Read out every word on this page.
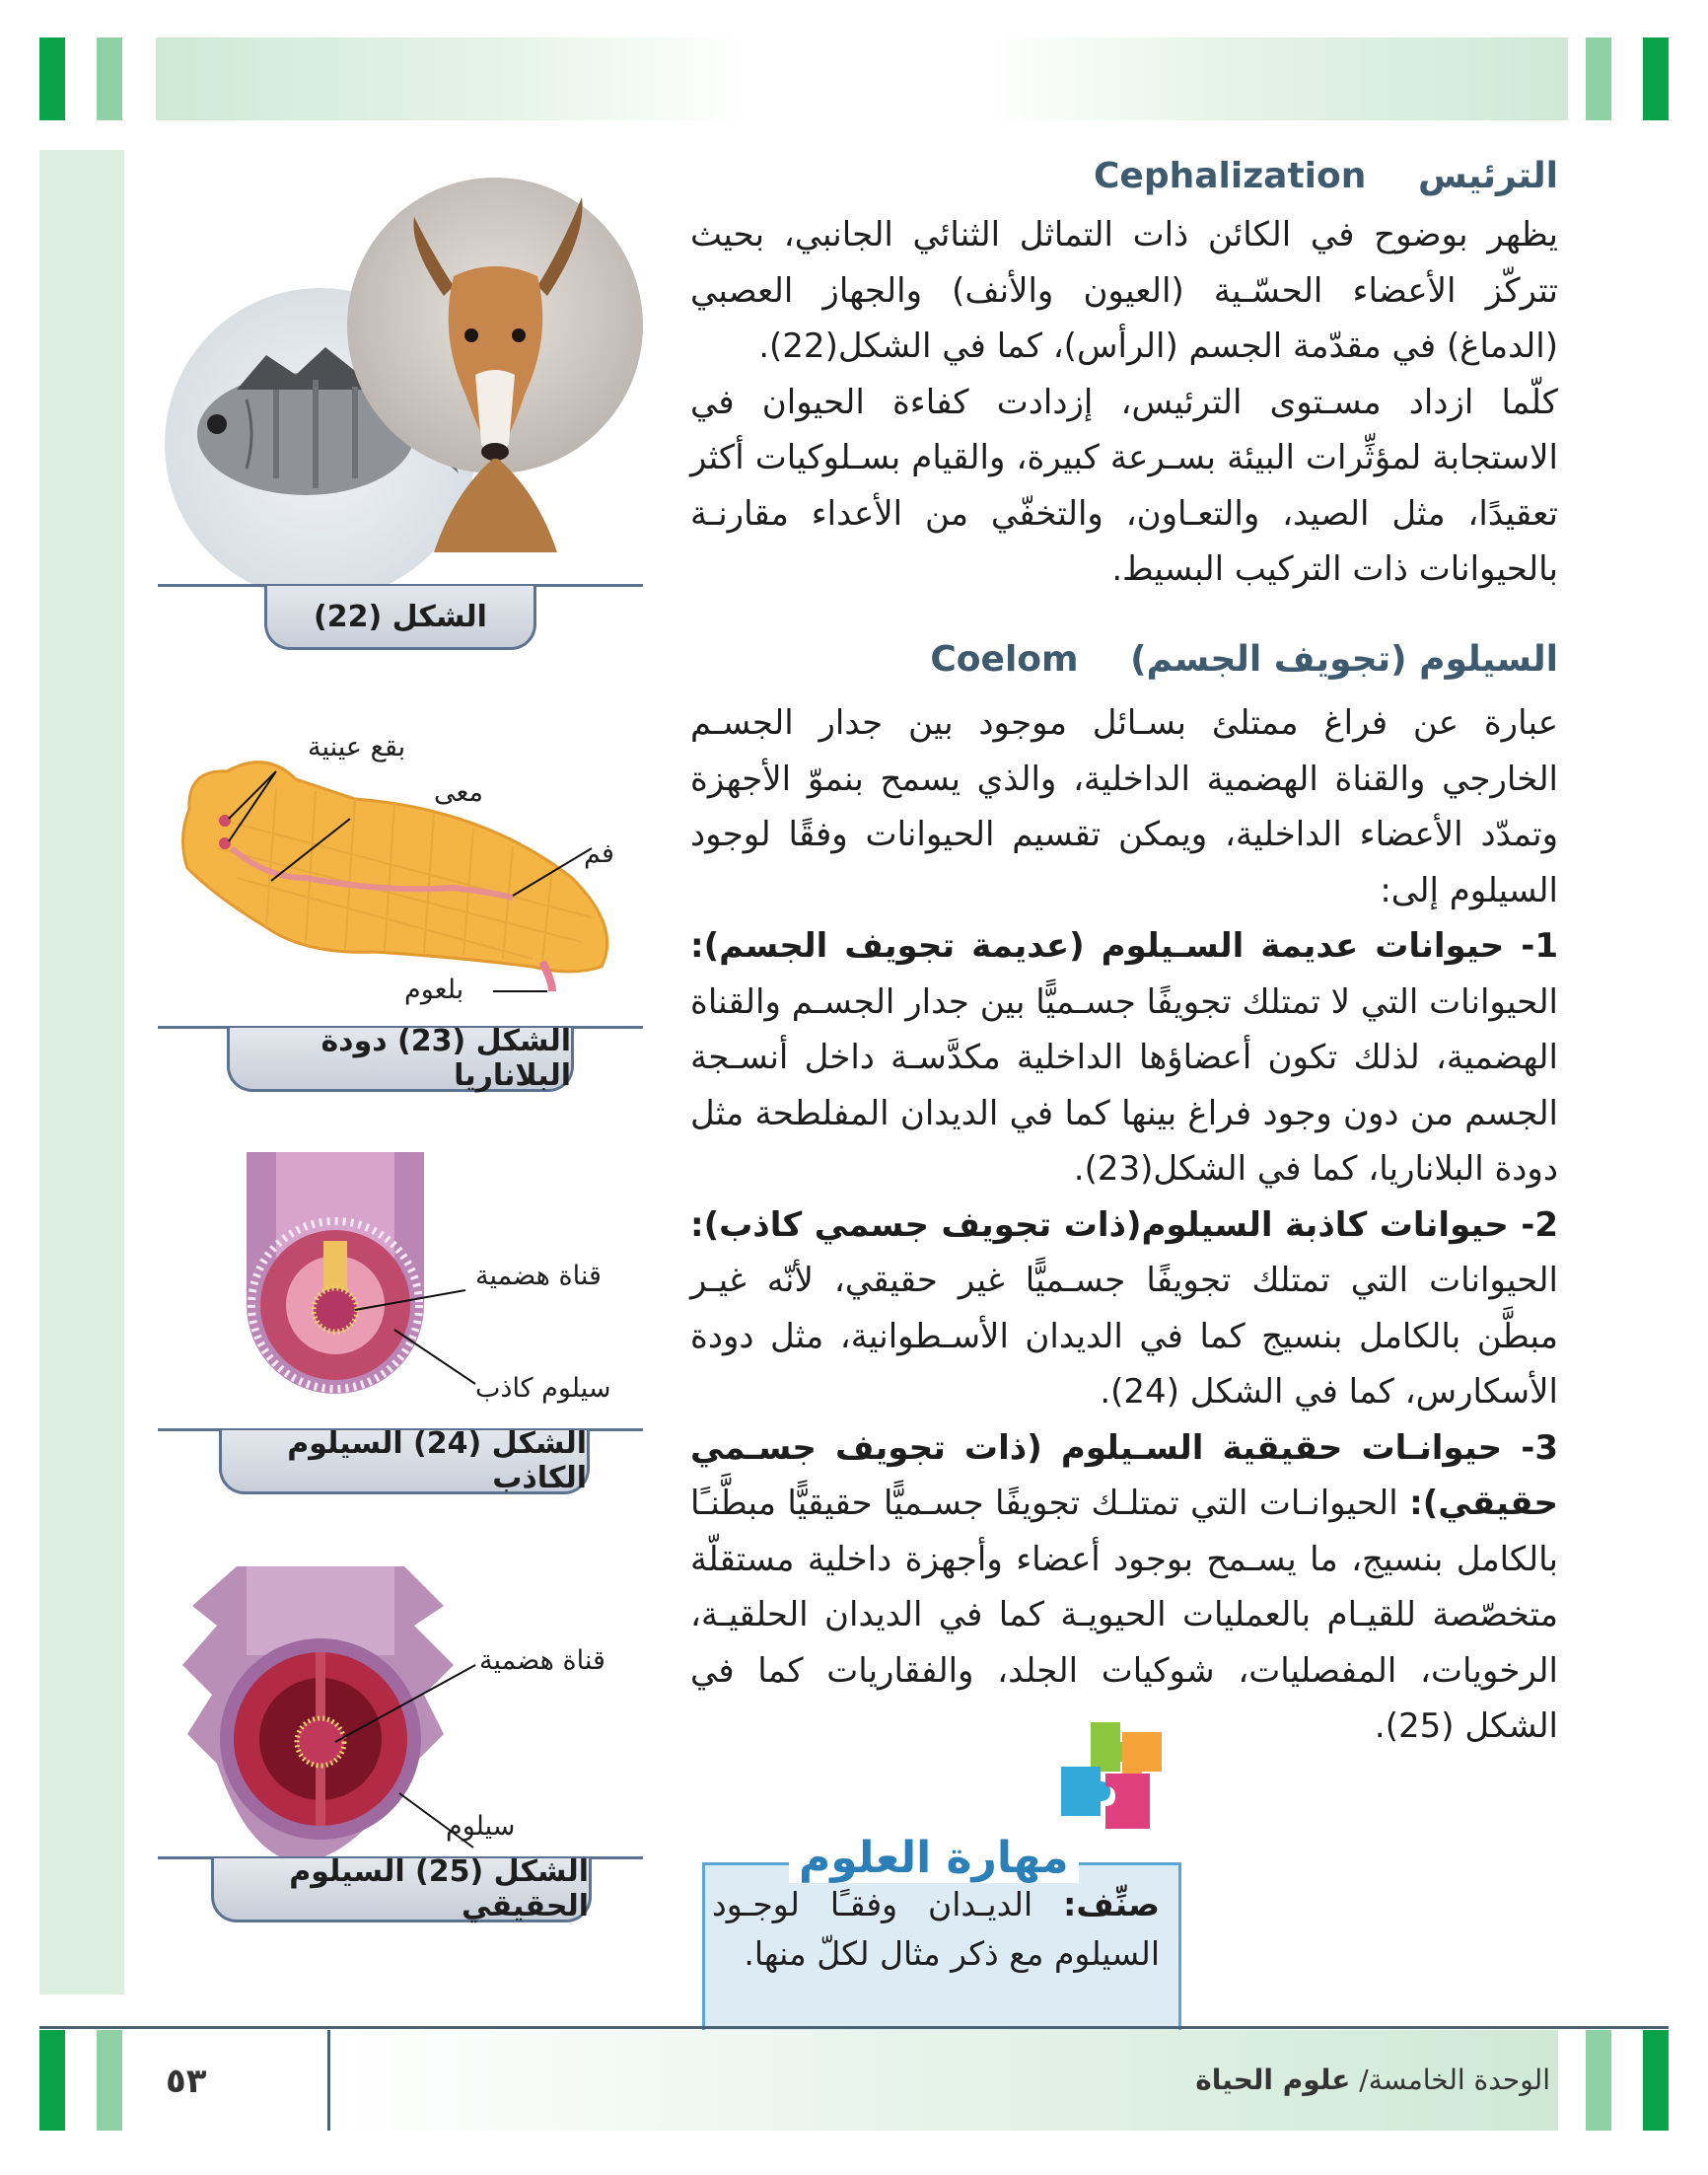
الترئيس Cephalization

يظهر بوضوح في الكائن ذات التماثل الثنائي الجانبي، بحيث تتركّز الأعضاء الحسّـية (العيون والأنف) والجهاز العصبي (الدماغ) في مقدّمة الجسم (الرأس)، كما في الشكل(22).

كلّما ازداد مسـتوى الترئيس، إزدادت كفاءة الحيوان في الاستجابة لمؤثِّرات البيئة بسـرعة كبيرة، والقيام بسـلوكيات أكثر تعقيدًا، مثل الصيد، والتعـاون، والتخفّي من الأعداء مقارنـة بالحيوانات ذات التركيب البسيط.

السيلوم (تجويف الجسم) Coelom

عبارة عن فراغ ممتلئ بسـائل موجود بين جدار الجسـم الخارجي والقناة الهضمية الداخلية، والذي يسمح بنموّ الأجهزة وتمدّد الأعضاء الداخلية، ويمكن تقسيم الحيوانات وفقًا لوجود السيلوم إلى:

1- حيوانات عديمة السـيلوم (عديمة تجويف الجسم): الحيوانات التي لا تمتلك تجويفًا جسـميًّا بين جدار الجسـم والقناة الهضمية، لذلك تكون أعضاؤها الداخلية مكدَّسـة داخل أنسـجة الجسم من دون وجود فراغ بينها كما في الديدان المفلطحة مثل دودة البلاناريا، كما في الشكل(23).

2- حيوانات كاذبة السيلوم(ذات تجويف جسمي كاذب): الحيوانات التي تمتلك تجويفًا جسـميًّا غير حقيقي، لأنّه غيـر مبطَّن بالكامل بنسيج كما في الديدان الأسـطوانية، مثل دودة الأسكارس، كما في الشكل (24).

3- حيوانـات حقيقية السـيلوم (ذات تجويف جسـمي حقيقي): الحيوانـات التي تمتلـك تجويفًا جسـميًّا حقيقيًّا مبطَّنـًا بالكامل بنسيج، ما يسـمح بوجود أعضاء وأجهزة داخلية مستقلّة متخصّصة للقيـام بالعمليات الحيويـة كما في الديدان الحلقيـة، الرخويات، المفصليات، شوكيات الجلد، والفقاريات كما في الشكل (25).

الشكل (22)
بقع عينية
معى
فم
بلعوم
الشكل (23) دودة البلاناريا
قناة هضمية
سيلوم كاذب
الشكل (24) السيلوم الكاذب
قناة هضمية
سيلوم
الشكل (25) السيلوم الحقيقي
مهارة العلوم
صنِّف: الديـدان وفقـًا لوجـود السيلوم مع ذكر مثال لكلّ منها.
٥٣	الوحدة الخامسة/ علوم الحياة
